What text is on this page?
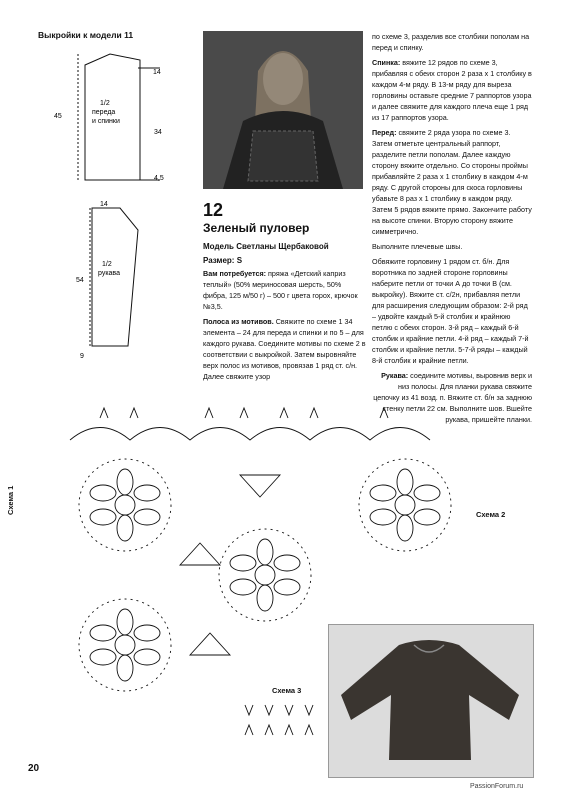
Выкройки к модели 11
1/2
переда
и спинки
14
45
34
4,5
14
1/2
рукава
54
9
12
Зеленый пуловер
Модель Светланы Щербаковой
Размер: S

Вам потребуется: пряжа «Детский каприз теплый» (50% мериносовая шерсть, 50% фибра, 125 м/50 г) – 500 г цвета горох, крючок №3,5.

Полоса из мотивов. Свяжите по схеме 1 34 элемента – 24 для переда и спинки и по 5 – для каждого рукава. Соедините мотивы по схеме 2 в соответствии с выкройкой. Затем выровняйте верх полос из мотивов, провязав 1 ряд ст. с/н. Далее свяжите узор

по схеме 3, разделив все столбики пополам на перед и спинку.

Спинка: вяжите 12 рядов по схеме 3, прибавляя с обеих сторон 2 раза х 1 столбику в каждом 4-м ряду. В 13-м ряду для выреза горловины оставьте средние 7 раппортов узора и далее свяжите для каждого плеча еще 1 ряд из 17 раппортов узора.

Перед: свяжите 2 ряда узора по схеме 3. Затем отметьте центральный раппорт, разделите петли пополам. Далее каждую сторону вяжите отдельно. Со стороны проймы прибавляйте 2 раза х 1 столбику в каждом 4-м ряду. С другой стороны для скоса горловины убавьте 8 раз х 1 столбику в каждом ряду. Затем 5 рядов вяжите прямо. Закончите работу на высоте спинки. Вторую сторону вяжите симметрично.

Выполните плечевые швы.

Обвяжите горловину 1 рядом ст. б/н. Для воротника по задней стороне горловины наберите петли от точки А до точки В (см. выкройку). Вяжите ст. с/2н, прибавляя петли для расширения следующим образом: 2-й ряд – удвойте каждый 5-й столбик и крайнюю петлю с обеих сторон. 3-й ряд – каждый 6-й столбик и крайние петли. 4-й ряд – каждый 7-й столбик и крайние петли. 5-7-й ряды – каждый 8-й столбик и крайние петли.

Рукава: соедините мотивы, выровнив верх и низ полосы. Для планки рукава свяжите цепочку из 41 возд. п. Вяжите ст. б/н за заднюю стенку петли 22 см. Выполните шов. Вшейте рукава, пришейте планки.

Схема 1	Схема 2
Схема 3
20
PassionForum.ru
